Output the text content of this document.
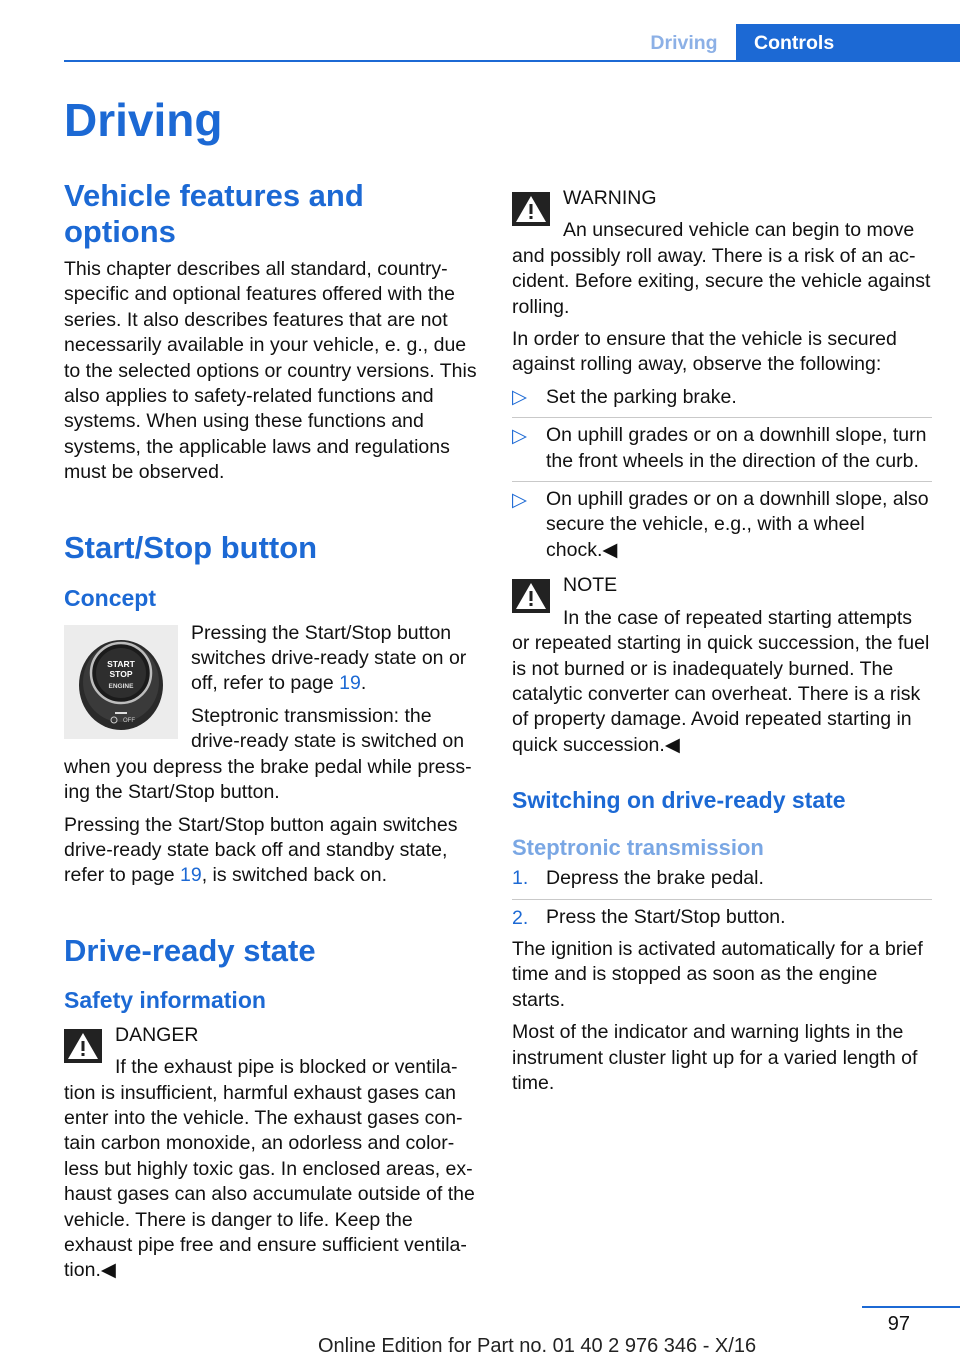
Driving	Controls
Driving
Vehicle features and options

This chapter describes all standard, country-specific and optional features offered with the series. It also describes features that are not necessarily available in your vehicle, e. g., due to the selected options or country versions. This also applies to safety-related functions and systems. When using these functions and systems, the applicable laws and regulations must be observed.

Start/Stop button
Concept
START
STOP
ENGINE
OFF

Pressing the Start/Stop button switches drive-ready state on or off, refer to page 19.

Steptronic transmission: the drive-ready state is switched on when you depress the brake pedal while press-ing the Start/Stop button.

Pressing the Start/Stop button again switches drive-ready state back off and standby state, refer to page 19, is switched back on.

Drive-ready state
Safety information
DANGER

If the exhaust pipe is blocked or ventila-tion is insufficient, harmful exhaust gases can enter into the vehicle. The exhaust gases con-tain carbon monoxide, an odorless and color-less but highly toxic gas. In enclosed areas, ex-haust gases can also accumulate outside of the vehicle. There is danger to life. Keep the exhaust pipe free and ensure sufficient ventila-tion.◀

WARNING

An unsecured vehicle can begin to move and possibly roll away. There is a risk of an ac-cident. Before exiting, secure the vehicle against rolling.

In order to ensure that the vehicle is secured against rolling away, observe the following:

▷ Set the parking brake.
▷ On uphill grades or on a downhill slope, turn the front wheels in the direction of the curb.
▷ On uphill grades or on a downhill slope, also secure the vehicle, e.g., with a wheel chock.◀
NOTE

In the case of repeated starting attempts or repeated starting in quick succession, the fuel is not burned or is inadequately burned. The catalytic converter can overheat. There is a risk of property damage. Avoid repeated starting in quick succession.◀

Switching on drive-ready state
Steptronic transmission
1. Depress the brake pedal.
2. Press the Start/Stop button.

The ignition is activated automatically for a brief time and is stopped as soon as the engine starts.

Most of the indicator and warning lights in the instrument cluster light up for a varied length of time.

97
Online Edition for Part no. 01 40 2 976 346 - X/16
